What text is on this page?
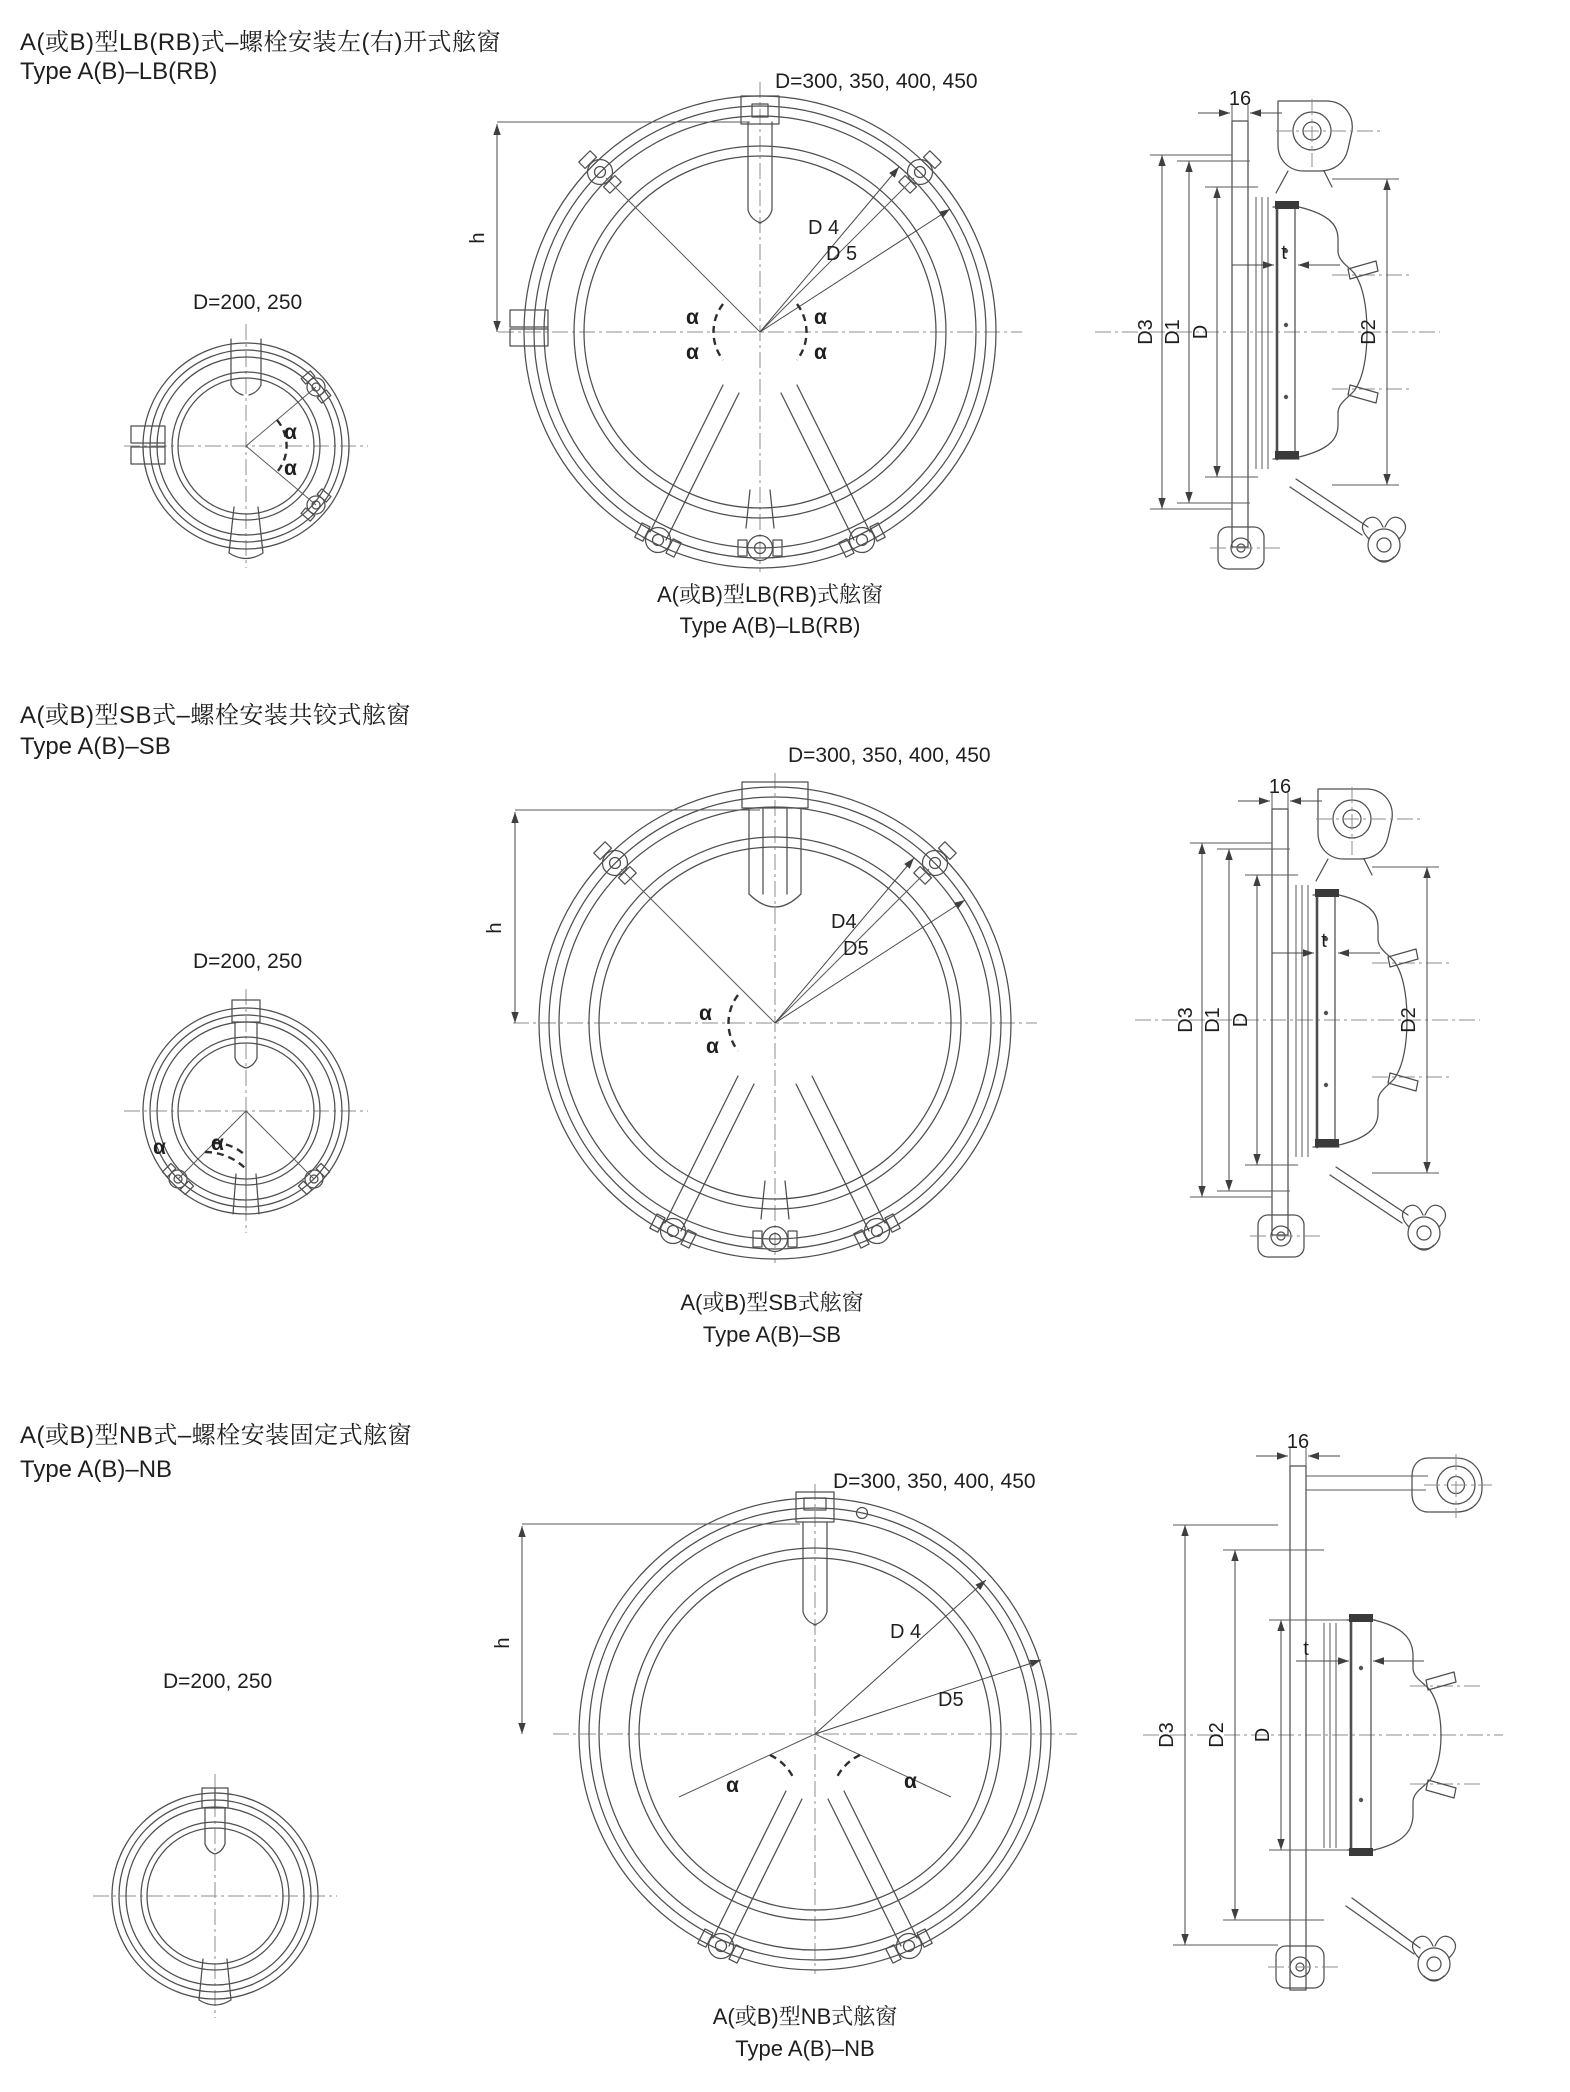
A(或B)型LB(RB)式–螺栓安装左(右)开式舷窗
Type A(B)–LB(RB)
D=200, 250
D=300, 350, 400, 450
α
α
h	D 4
D 5
α	α
α	α
16
t
D3 D1 D	D2
A(或B)型LB(RB)式舷窗
Type A(B)–LB(RB)
A(或B)型SB式–螺栓安装共铰式舷窗
Type A(B)–SB
D=200, 250
D=300, 350, 400, 450
α α
h	D4
D5
α
α
16
t
D3 D1 D	D2
A(或B)型SB式舷窗
Type A(B)–SB
A(或B)型NB式–螺栓安装固定式舷窗
Type A(B)–NB
D=200, 250
D=300, 350, 400, 450
h	D 4
D5
α	α
16
t
D3 D2 D
A(或B)型NB式舷窗
Type A(B)–NB
